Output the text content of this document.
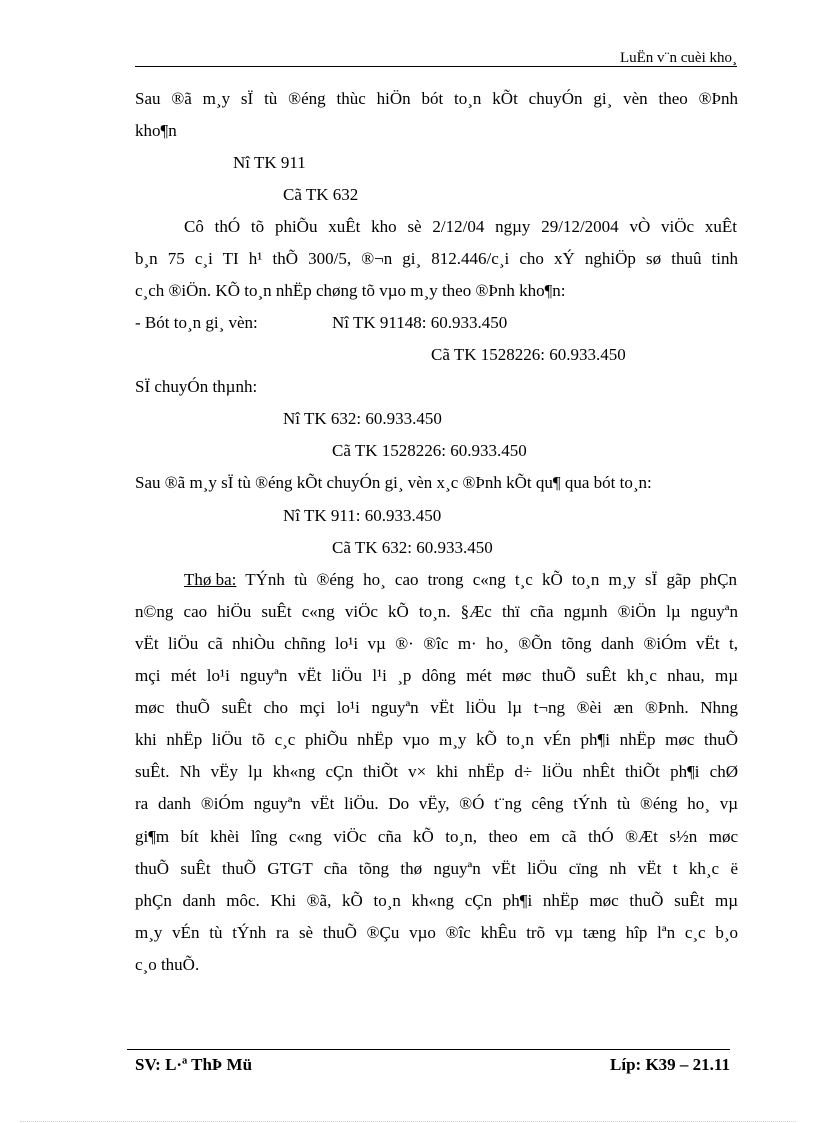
LuËn v¨n cuèi kho¸
Sau ®ã m¸y sÏ tù ®éng thùc hiÖn bót to¸n kÕt chuyÓn gi¸ vèn theo ®Þnh
kho¶n
Nî TK 911
Cã TK 632
Cô thÓ tõ phiÕu xuÊt kho sè 2/12/04 ngµy 29/12/2004 vÒ viÖc xuÊt
b¸n 75 c¸i TI h¹ thÕ 300/5, ®¬n gi¸ 812.446/c¸i cho xÝ nghiÖp sø thuû tinh
c¸ch ®iÖn. KÕ to¸n nhËp chøng tõ vµo m¸y theo ®Þnh kho¶n:
- Bót to¸n gi¸ vèn:	Nî TK 91148: 60.933.450
Cã TK 1528226: 60.933.450
SÏ chuyÓn thµnh:
Nî TK 632: 60.933.450
Cã TK 1528226: 60.933.450
Sau ®ã m¸y sÏ tù ®éng kÕt chuyÓn gi¸ vèn x¸c ®Þnh kÕt qu¶ qua bót to¸n:
Nî TK 911: 60.933.450
Cã TK 632: 60.933.450
Thø ba: TÝnh tù ®éng ho¸ cao trong c«ng t¸c kÕ to¸n m¸y sÏ gãp phÇn
n©ng cao hiÖu suÊt c«ng viÖc kÕ to¸n. §Æc thï cña ngµnh ®iÖn lµ nguyªn
vËt liÖu cã nhiÒu chñng lo¹i vµ ®· ®îc m· ho¸ ®Õn tõng danh ®iÓm vËt t,
mçi mét lo¹i nguyªn vËt liÖu l¹i ¸p dông mét møc thuÕ suÊt kh¸c nhau, mµ
møc thuÕ suÊt cho mçi lo¹i nguyªn vËt liÖu lµ t¬ng ®èi æn ®Þnh. Nhng
khi nhËp liÖu tõ c¸c phiÕu nhËp vµo m¸y kÕ to¸n vÉn ph¶i nhËp møc thuÕ
suÊt. Nh vËy lµ kh«ng cÇn thiÕt v× khi nhËp d÷ liÖu nhÊt thiÕt ph¶i chØ
ra danh ®iÓm nguyªn vËt liÖu. Do vËy, ®Ó t¨ng cêng tÝnh tù ®éng ho¸ vµ
gi¶m bít khèi lîng c«ng viÖc cña kÕ to¸n, theo em cã thÓ ®Æt s½n møc
thuÕ suÊt thuÕ GTGT cña tõng thø nguyªn vËt liÖu cïng nh vËt t kh¸c ë
phÇn danh môc. Khi ®ã, kÕ to¸n kh«ng cÇn ph¶i nhËp møc thuÕ suÊt mµ
m¸y vÉn tù tÝnh ra sè thuÕ ®Çu vµo ®îc khÊu trõ vµ tæng hîp lªn c¸c b¸o
c¸o thuÕ.
SV: L·ª ThÞ Mü	Líp: K39 – 21.11
